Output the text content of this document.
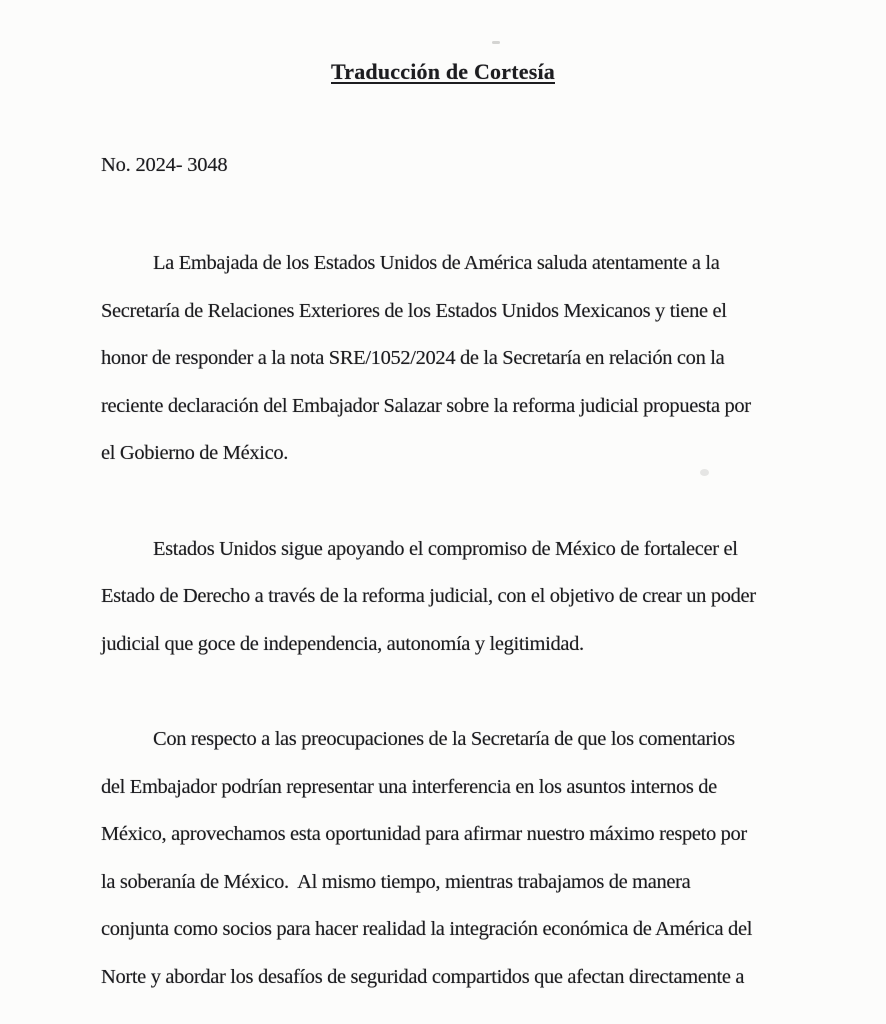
Traducción de Cortesía
No. 2024- 3048
La Embajada de los Estados Unidos de América saluda atentamente a la
Secretaría de Relaciones Exteriores de los Estados Unidos Mexicanos y tiene el
honor de responder a la nota SRE/1052/2024 de la Secretaría en relación con la
reciente declaración del Embajador Salazar sobre la reforma judicial propuesta por
el Gobierno de México.
Estados Unidos sigue apoyando el compromiso de México de fortalecer el
Estado de Derecho a través de la reforma judicial, con el objetivo de crear un poder
judicial que goce de independencia, autonomía y legitimidad.
Con respecto a las preocupaciones de la Secretaría de que los comentarios
del Embajador podrían representar una interferencia en los asuntos internos de
México, aprovechamos esta oportunidad para afirmar nuestro máximo respeto por
la soberanía de México.  Al mismo tiempo, mientras trabajamos de manera
conjunta como socios para hacer realidad la integración económica de América del
Norte y abordar los desafíos de seguridad compartidos que afectan directamente a
